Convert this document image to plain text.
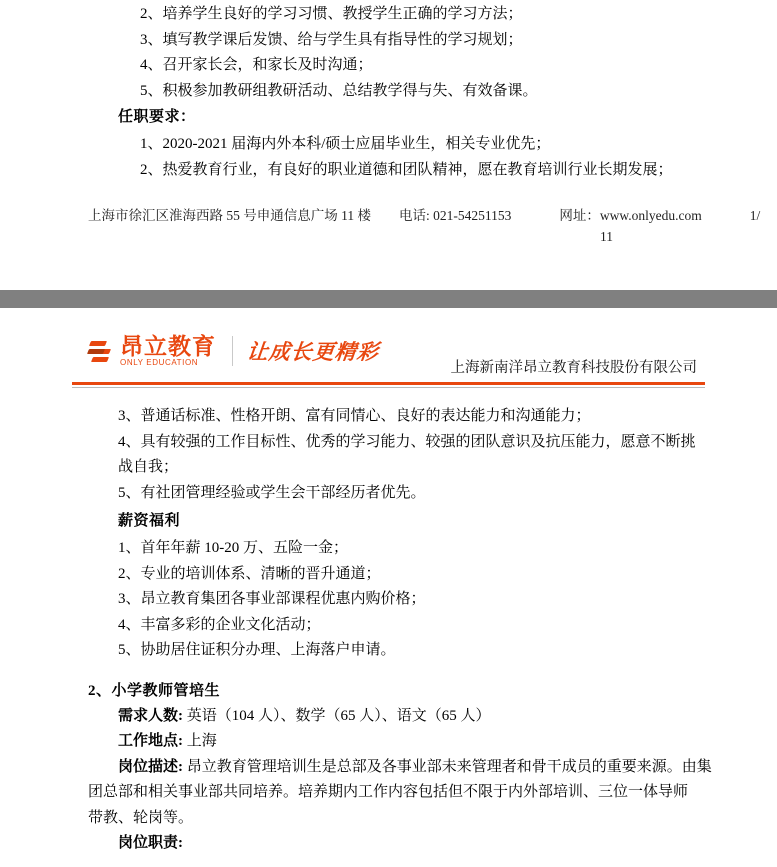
2、培养学生良好的学习习惯、教授学生正确的学习方法；
3、填写教学课后发馈、给与学生具有指导性的学习规划；
4、召开家长会，和家长及时沟通；
5、积极参加教研组教研活动、总结教学得与失、有效备课。
任职要求：
1、2020-2021 届海内外本科/硕士应届毕业生，相关专业优先；
2、热爱教育行业，有良好的职业道德和团队精神，愿在教育培训行业长期发展；
上海市徐汇区淮海西路 55 号申通信息广场 11 楼 电话: 021-54251153	网址：www.onlyedu.com	1/
11
昂立教育
ONLY EDUCATION	让成长更精彩
上海新南洋昂立教育科技股份有限公司
3、普通话标准、性格开朗、富有同情心、良好的表达能力和沟通能力；
4、具有较强的工作目标性、优秀的学习能力、较强的团队意识及抗压能力，愿意不断挑
战自我；
5、有社团管理经验或学生会干部经历者优先。
薪资福利
1、首年年薪 10-20 万、五险一金；
2、专业的培训体系、清晰的晋升通道；
3、昂立教育集团各事业部课程优惠内购价格；
4、丰富多彩的企业文化活动；
5、协助居住证积分办理、上海落户申请。
2、小学教师管培生
需求人数: 英语（104 人）、数学（65 人）、语文（65 人）
工作地点: 上海
岗位描述: 昂立教育管理培训生是总部及各事业部未来管理者和骨干成员的重要来源。由集
团总部和相关事业部共同培养。培养期内工作内容包括但不限于内外部培训、三位一体导师
带教、轮岗等。
岗位职责:
